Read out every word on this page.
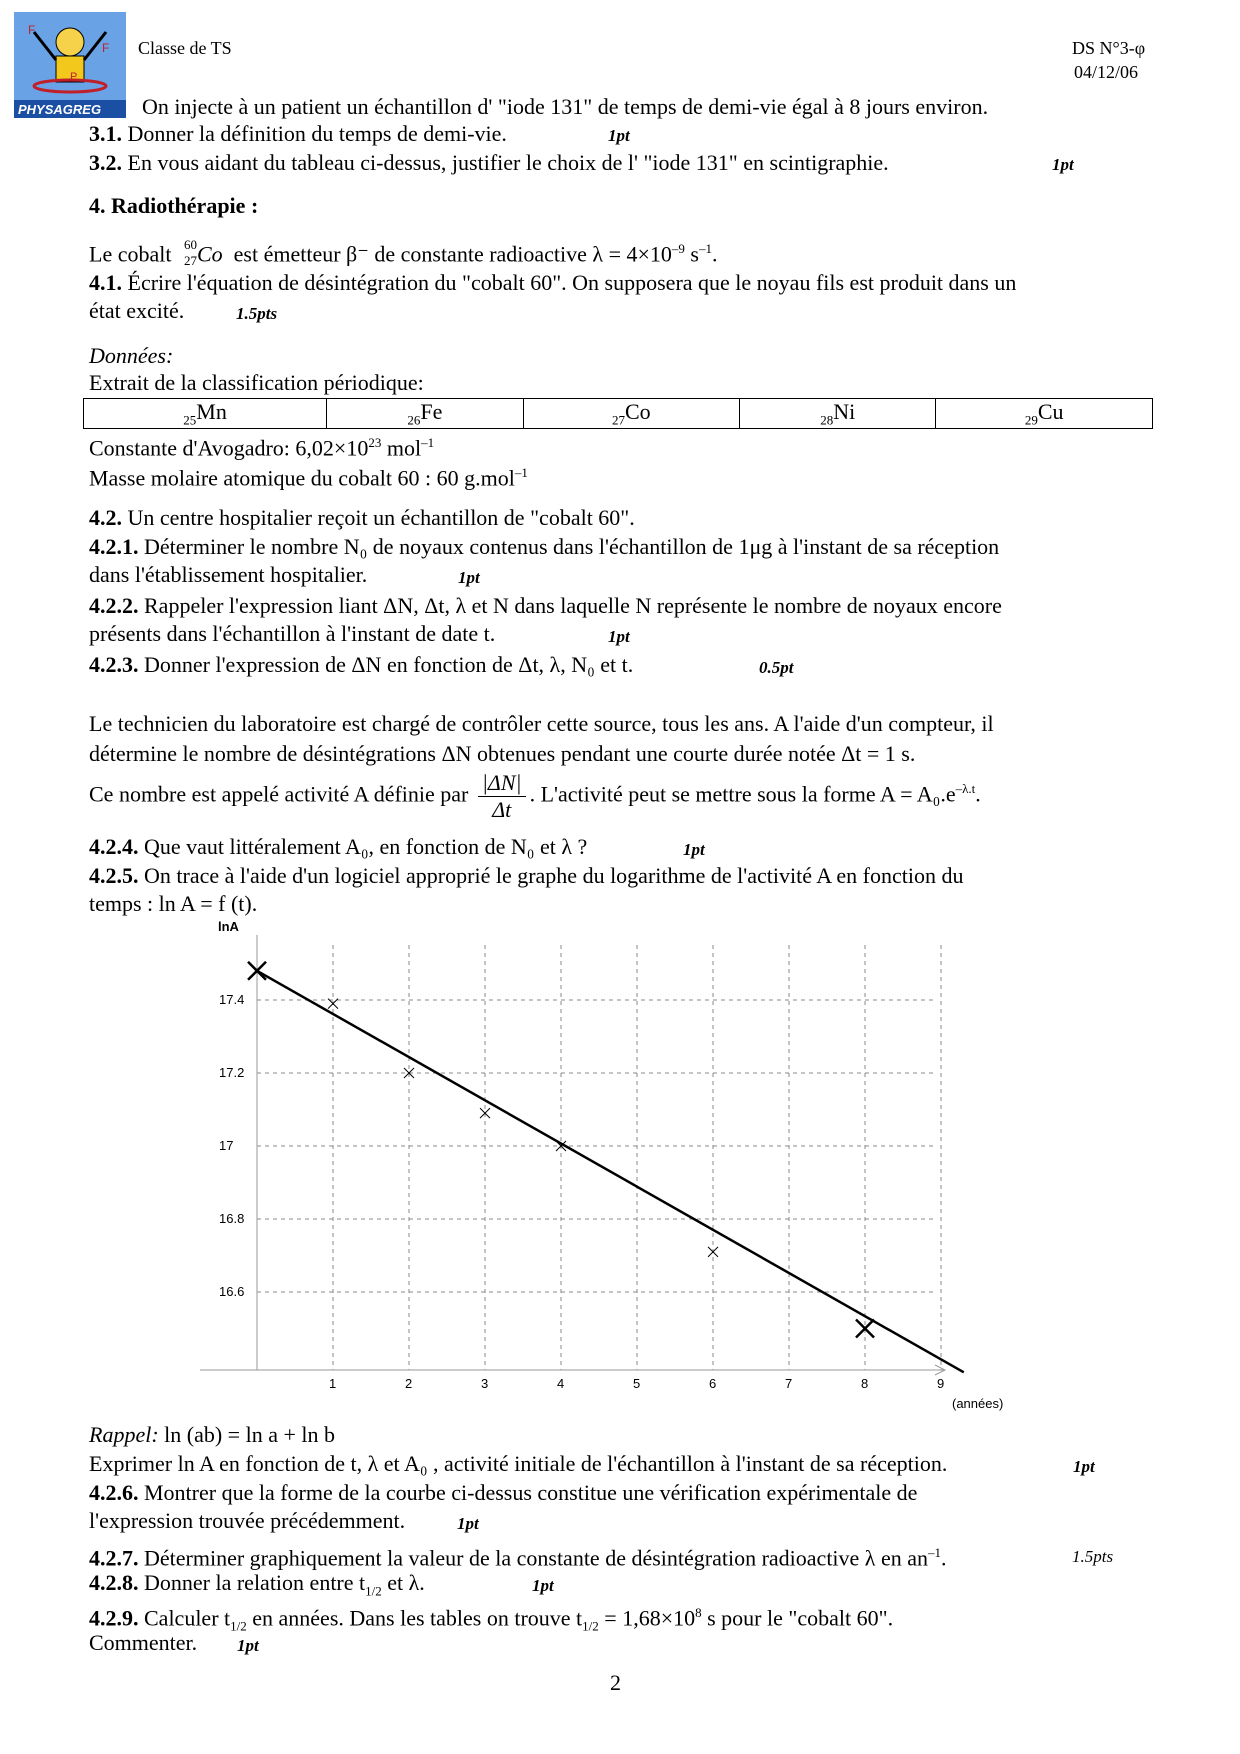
F
F
P
PHYSAGREG
Classe de TS	DS N°3-φ
04/12/06
On injecte à un patient un échantillon d' "iode 131" de temps de demi-vie égal à 8 jours environ.
3.1. Donner la définition du temps de demi-vie.	1pt
3.2. En vous aidant du tableau ci-dessus, justifier le choix de l' "iode 131" en scintigraphie.	1pt
4. Radiothérapie :
Le cobalt 60
27 Co est émetteur β⁻ de constante radioactive $\lambda = 4\times 10^{-9}$ $s^{-1}$.
4.1. Écrire l'équation de désintégration du "cobalt 60". On supposera que le noyau fils est produit dans un
état excité.	1.5pts
Données:
Extrait de la classification périodique:
$_{25}$Mn	$_{26}$Fe	$_{27}$Co	$_{28}$Ni	$_{29}$Cu
Constante d'Avogadro: $6,02\times 10^{23}$ mol$^{-1}$
Masse molaire atomique du cobalt 60 : 60 g.mol$^{-1}$
4.2. Un centre hospitalier reçoit un échantillon de "cobalt 60".
4.2.1. Déterminer le nombre N₀ de noyaux contenus dans l'échantillon de 1μg à l'instant de sa réception
dans l'établissement hospitalier.	1pt
4.2.2. Rappeler l'expression liant ΔN, Δt, λ et N dans laquelle N représente le nombre de noyaux encore
présents dans l'échantillon à l'instant de date t.	1pt
4.2.3. Donner l'expression de ΔN en fonction de Δt, λ, N₀ et t.	0.5pt
Le technicien du laboratoire est chargé de contrôler cette source, tous les ans. A l'aide d'un compteur, il
détermine le nombre de désintégrations ΔN obtenues pendant une courte durée notée Δt = 1 s.
Ce nombre est appelé activité A définie par $\frac{|\Delta N|}{\Delta t}$ . L'activité peut se mettre sous la forme $A = A_0.e^{-\lambda.t}$.
4.2.4. Que vaut littéralement A₀, en fonction de N₀ et λ ?	1pt
4.2.5. On trace à l'aide d'un logiciel approprié le graphe du logarithme de l'activité A en fonction du
temps : ln A = f (t).
1	2	3	4	5	6	7	8	9
16.6
16.8
17
17.2
17.4
lnA
(années)
Rappel: ln (ab) = ln a + ln b
Exprimer ln A en fonction de t, λ et A₀ , activité initiale de l'échantillon à l'instant de sa réception.	1pt
4.2.6. Montrer que la forme de la courbe ci-dessus constitue une vérification expérimentale de
l'expression trouvée précédemment.	1pt
4.2.7. Déterminer graphiquement la valeur de la constante de désintégration radioactive λ en $an^{-1}$.	1.5pts
4.2.8. Donner la relation entre $t_{1/2}$ et λ.	1pt
4.2.9. Calculer $t_{1/2}$ en années. Dans les tables on trouve $t_{1/2} = 1,68\times 10^8$ s pour le "cobalt 60".
Commenter. 1pt
2
